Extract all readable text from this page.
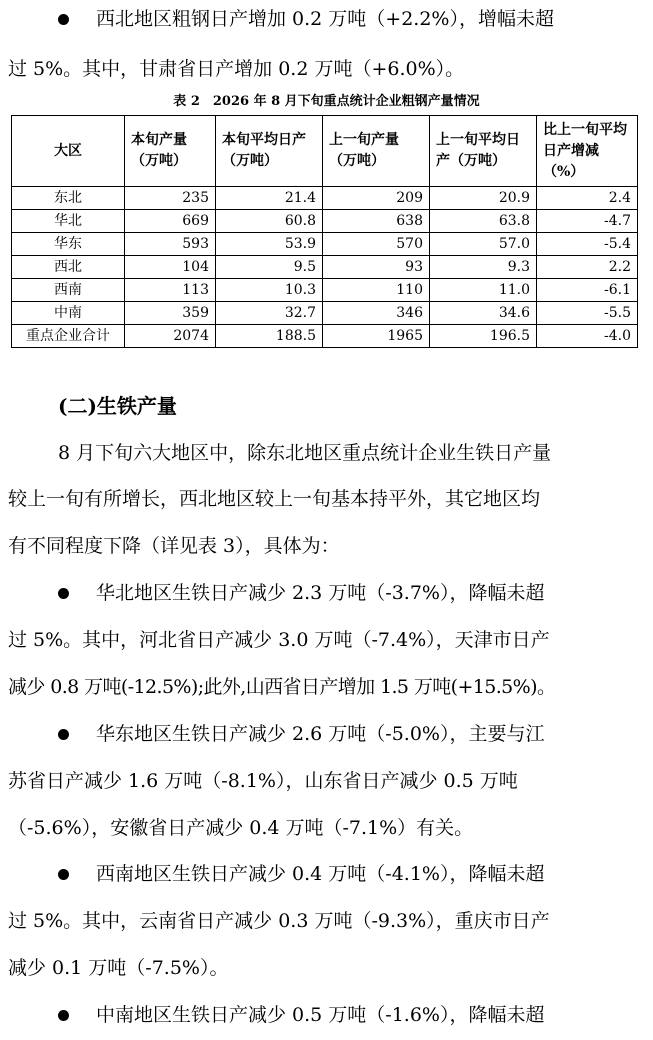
西北地区粗钢日产增加 0.2 万吨（+2.2%），增幅未超
过 5%。其中，甘肃省日产增加 0.2 万吨（+6.0%）。
表 2　2026 年 8 月下旬重点统计企业粗钢产量情况
大区	本旬产量（万吨）	本旬平均日产（万吨）	上一旬产量（万吨）	上一旬平均日产（万吨）	比上一旬平均日产增减（%）
东北	235	21.4	209	20.9	2.4
华北	669	60.8	638	63.8	-4.7
华东	593	53.9	570	57.0	-5.4
西北	104	9.5	93	9.3	2.2
西南	113	10.3	110	11.0	-6.1
中南	359	32.7	346	34.6	-5.5
重点企业合计	2074	188.5	1965	196.5	-4.0
(二)生铁产量
8 月下旬六大地区中，除东北地区重点统计企业生铁日产量
较上一旬有所增长，西北地区较上一旬基本持平外，其它地区均
有不同程度下降（详见表 3），具体为：
华北地区生铁日产减少 2.3 万吨（-3.7%），降幅未超
过 5%。其中，河北省日产减少 3.0 万吨（-7.4%），天津市日产
减少 0.8 万吨(-12.5%);此外,山西省日产增加 1.5 万吨(+15.5%)。
华东地区生铁日产减少 2.6 万吨（-5.0%），主要与江
苏省日产减少 1.6 万吨（-8.1%），山东省日产减少 0.5 万吨
（-5.6%），安徽省日产减少 0.4 万吨（-7.1%）有关。
西南地区生铁日产减少 0.4 万吨（-4.1%），降幅未超
过 5%。其中，云南省日产减少 0.3 万吨（-9.3%），重庆市日产
减少 0.1 万吨（-7.5%）。
中南地区生铁日产减少 0.5 万吨（-1.6%），降幅未超
